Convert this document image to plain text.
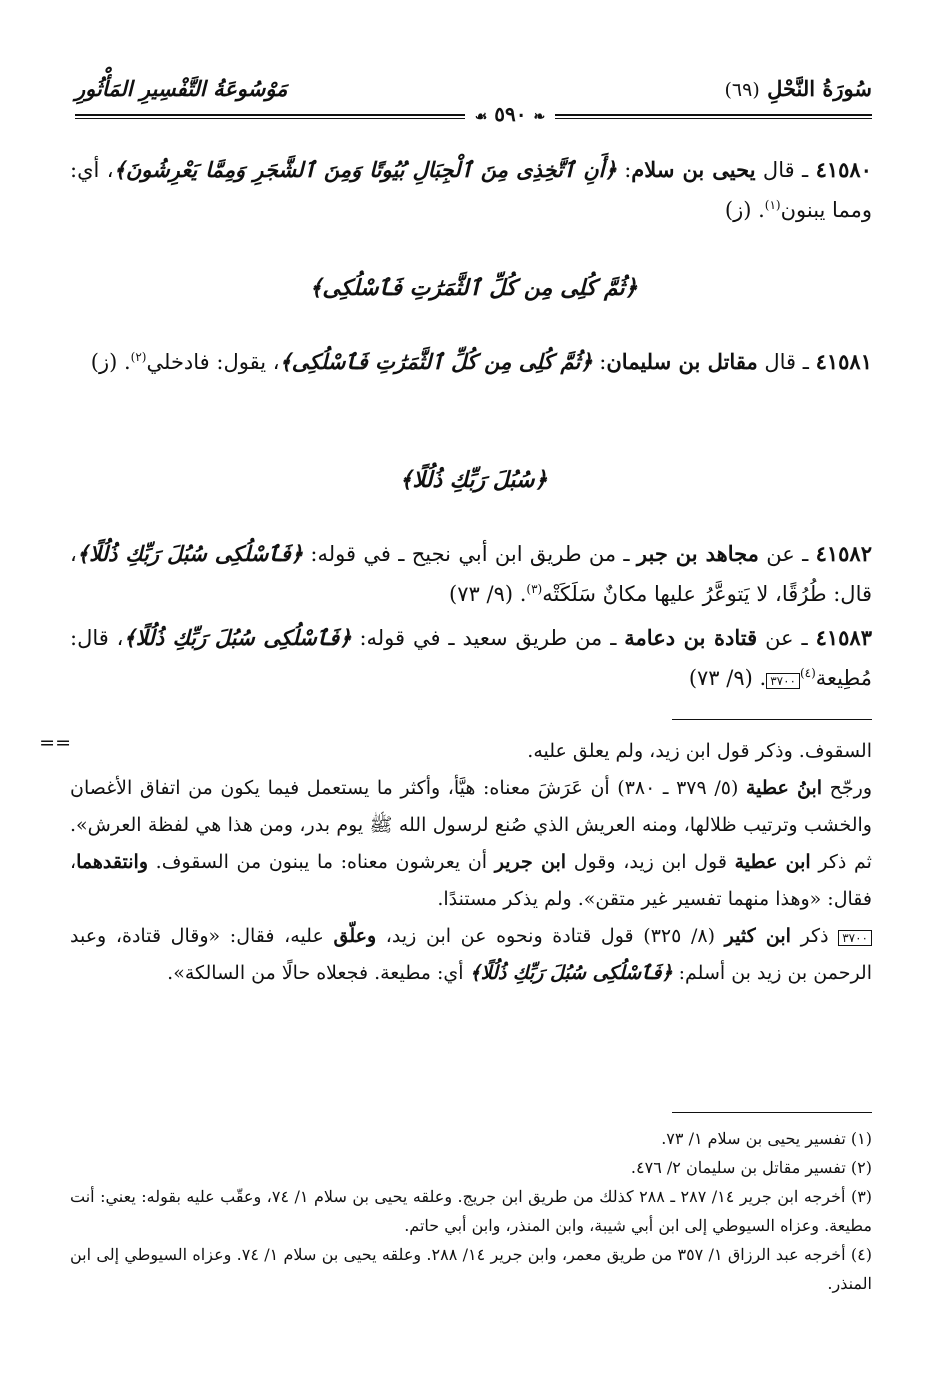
سُورَةُ النَّحْلِ (٦٩)
مَوْسُوعَةُ التَّفْسِيرِ المَأْثُورِ
❧ ٥٩٠ ☙
٤١٥٨٠ ـ قال يحيى بن سلام: ﴿أَنِ ٱتَّخِذِى مِنَ ٱلْجِبَالِ بُيُوتًا وَمِنَ ٱلشَّجَرِ وَمِمَّا يَعْرِشُونَ﴾، أي: ومما يبنون$^{(١)}$. (ز)
﴿ثُمَّ كُلِى مِن كُلِّ ٱلثَّمَرَٰتِ فَٱسْلُكِى﴾
٤١٥٨١ ـ قال مقاتل بن سليمان: ﴿ثُمَّ كُلِى مِن كُلِّ ٱلثَّمَرَٰتِ فَٱسْلُكِى﴾، يقول: فادخلي$^{(٢)}$. (ز)
﴿سُبُلَ رَبِّكِ ذُلُلًا﴾
٤١٥٨٢ ـ عن مجاهد بن جبر ـ من طريق ابن أبي نجيح ـ في قوله: ﴿فَٱسْلُكِى سُبُلَ رَبِّكِ ذُلُلًا﴾، قال: طُرُقًا، لا يَتوعَّرُ عليها مكانٌ سَلَكَتْه$^{(٣)}$. (٩/ ٧٣)
٤١٥٨٣ ـ عن قتادة بن دعامة ـ من طريق سعيد ـ في قوله: ﴿فَٱسْلُكِى سُبُلَ رَبِّكِ ذُلُلًا﴾، قال: مُطِيعة$^{(٤)}$٣٧٠٠. (٩/ ٧٣)
==	السقوف. وذكر قول ابن زيد، ولم يعلق عليه.
ورجّح ابنُ عطية (٥/ ٣٧٩ ـ ٣٨٠) أن عَرَشَ معناه: هيَّأ، وأكثر ما يستعمل فيما يكون من اتفاق الأغصان والخشب وترتيب ظلالها، ومنه العريش الذي صُنع لرسول الله ﷺ يوم بدر، ومن هذا هي لفظة العرش». ثم ذكر ابن عطية قول ابن زيد، وقول ابن جرير أن يعرشون معناه: ما يبنون من السقوف. وانتقدهما، فقال: «وهذا منهما تفسير غير متقن». ولم يذكر مستندًا.
٣٧٠٠ ذكر ابن كثير (٨/ ٣٢٥) قول قتادة ونحوه عن ابن زيد، وعلّق عليه، فقال: «وقال قتادة، وعبد الرحمن بن زيد بن أسلم: ﴿فَٱسْلُكِى سُبُلَ رَبِّكِ ذُلُلًا﴾ أي: مطيعة. فجعلاه حالًا من السالكة».
(١) تفسير يحيى بن سلام ١/ ٧٣.
(٢) تفسير مقاتل بن سليمان ٢/ ٤٧٦.
(٣) أخرجه ابن جرير ١٤/ ٢٨٧ ـ ٢٨٨ كذلك من طريق ابن جريج. وعلقه يحيى بن سلام ١/ ٧٤، وعقّب عليه بقوله: يعني: أنت مطيعة. وعزاه السيوطي إلى ابن أبي شيبة، وابن المنذر، وابن أبي حاتم.
(٤) أخرجه عبد الرزاق ١/ ٣٥٧ من طريق معمر، وابن جرير ١٤/ ٢٨٨. وعلقه يحيى بن سلام ١/ ٧٤. وعزاه السيوطي إلى ابن المنذر.
